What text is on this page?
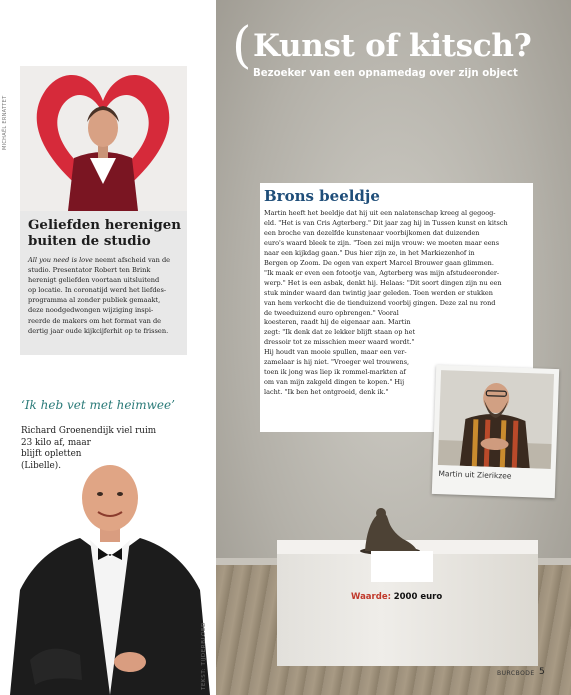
MICHAËL ERNATTET
Geliefden herenigen
buiten de studio
All you need is love neemt afscheid van de
studio. Presentator Robert ten Brink
herenigt geliefden voortaan uitsluitend
op locatie. In coronatijd werd het liefdes-
programma al zonder publiek gemaakt,
deze noodgedwongen wijziging inspi-
reerde de makers om het format van de
dertig jaar oude kijkcijferhit op te frissen.
‘Ik heb vet met heimwee’
Richard Groenendijk viel ruim
23 kilo af, maar
blijft opletten
(Libelle).
TEKST: TIJDERBLOED
( Kunst of kitsch?
Bezoeker van een opnamedag over zijn object
Waarde: 2000 euro
Brons beeldje
Martin heeft het beeldje dat hij uit een nalatenschap kreeg al gegoog-
eld. "Het is van Cris Agterberg." Dit jaar zag hij in Tussen kunst en kitsch
een broche van dezelfde kunstenaar voorbijkomen dat duizenden
euro's waard bleek te zijn. "Toen zei mijn vrouw: we moeten maar eens
naar een kijkdag gaan." Dus hier zijn ze, in het Markiezenhof in
Bergen op Zoom. De ogen van expert Marcel Brouwer gaan glimmen.
"Ik maak er even een fotootje van, Agterberg was mijn afstudeeronder-
werp." Het is een asbak, denkt hij. Helaas: "Dit soort dingen zijn nu een
stuk minder waard dan twintig jaar geleden. Toen werden er stukken
van hem verkocht die de tienduizend voorbij gingen. Deze zal nu rond
de tweeduizend euro opbrengen." Vooral
koesteren, raadt hij de eigenaar aan. Martin
zegt: "Ik denk dat ze lekker blijft staan op het
dressoir tot ze misschien meer waard wordt."
Hij houdt van mooie spullen, maar een ver-
zamelaar is hij niet. "Vroeger wel trouwens,
toen ik jong was liep ik rommel-markten af
om van mijn zakgeld dingen te kopen." Hij
lacht. "Ik ben het ontgroeid, denk ik."
Martin uit Zierikzee
BURCBODE 5
